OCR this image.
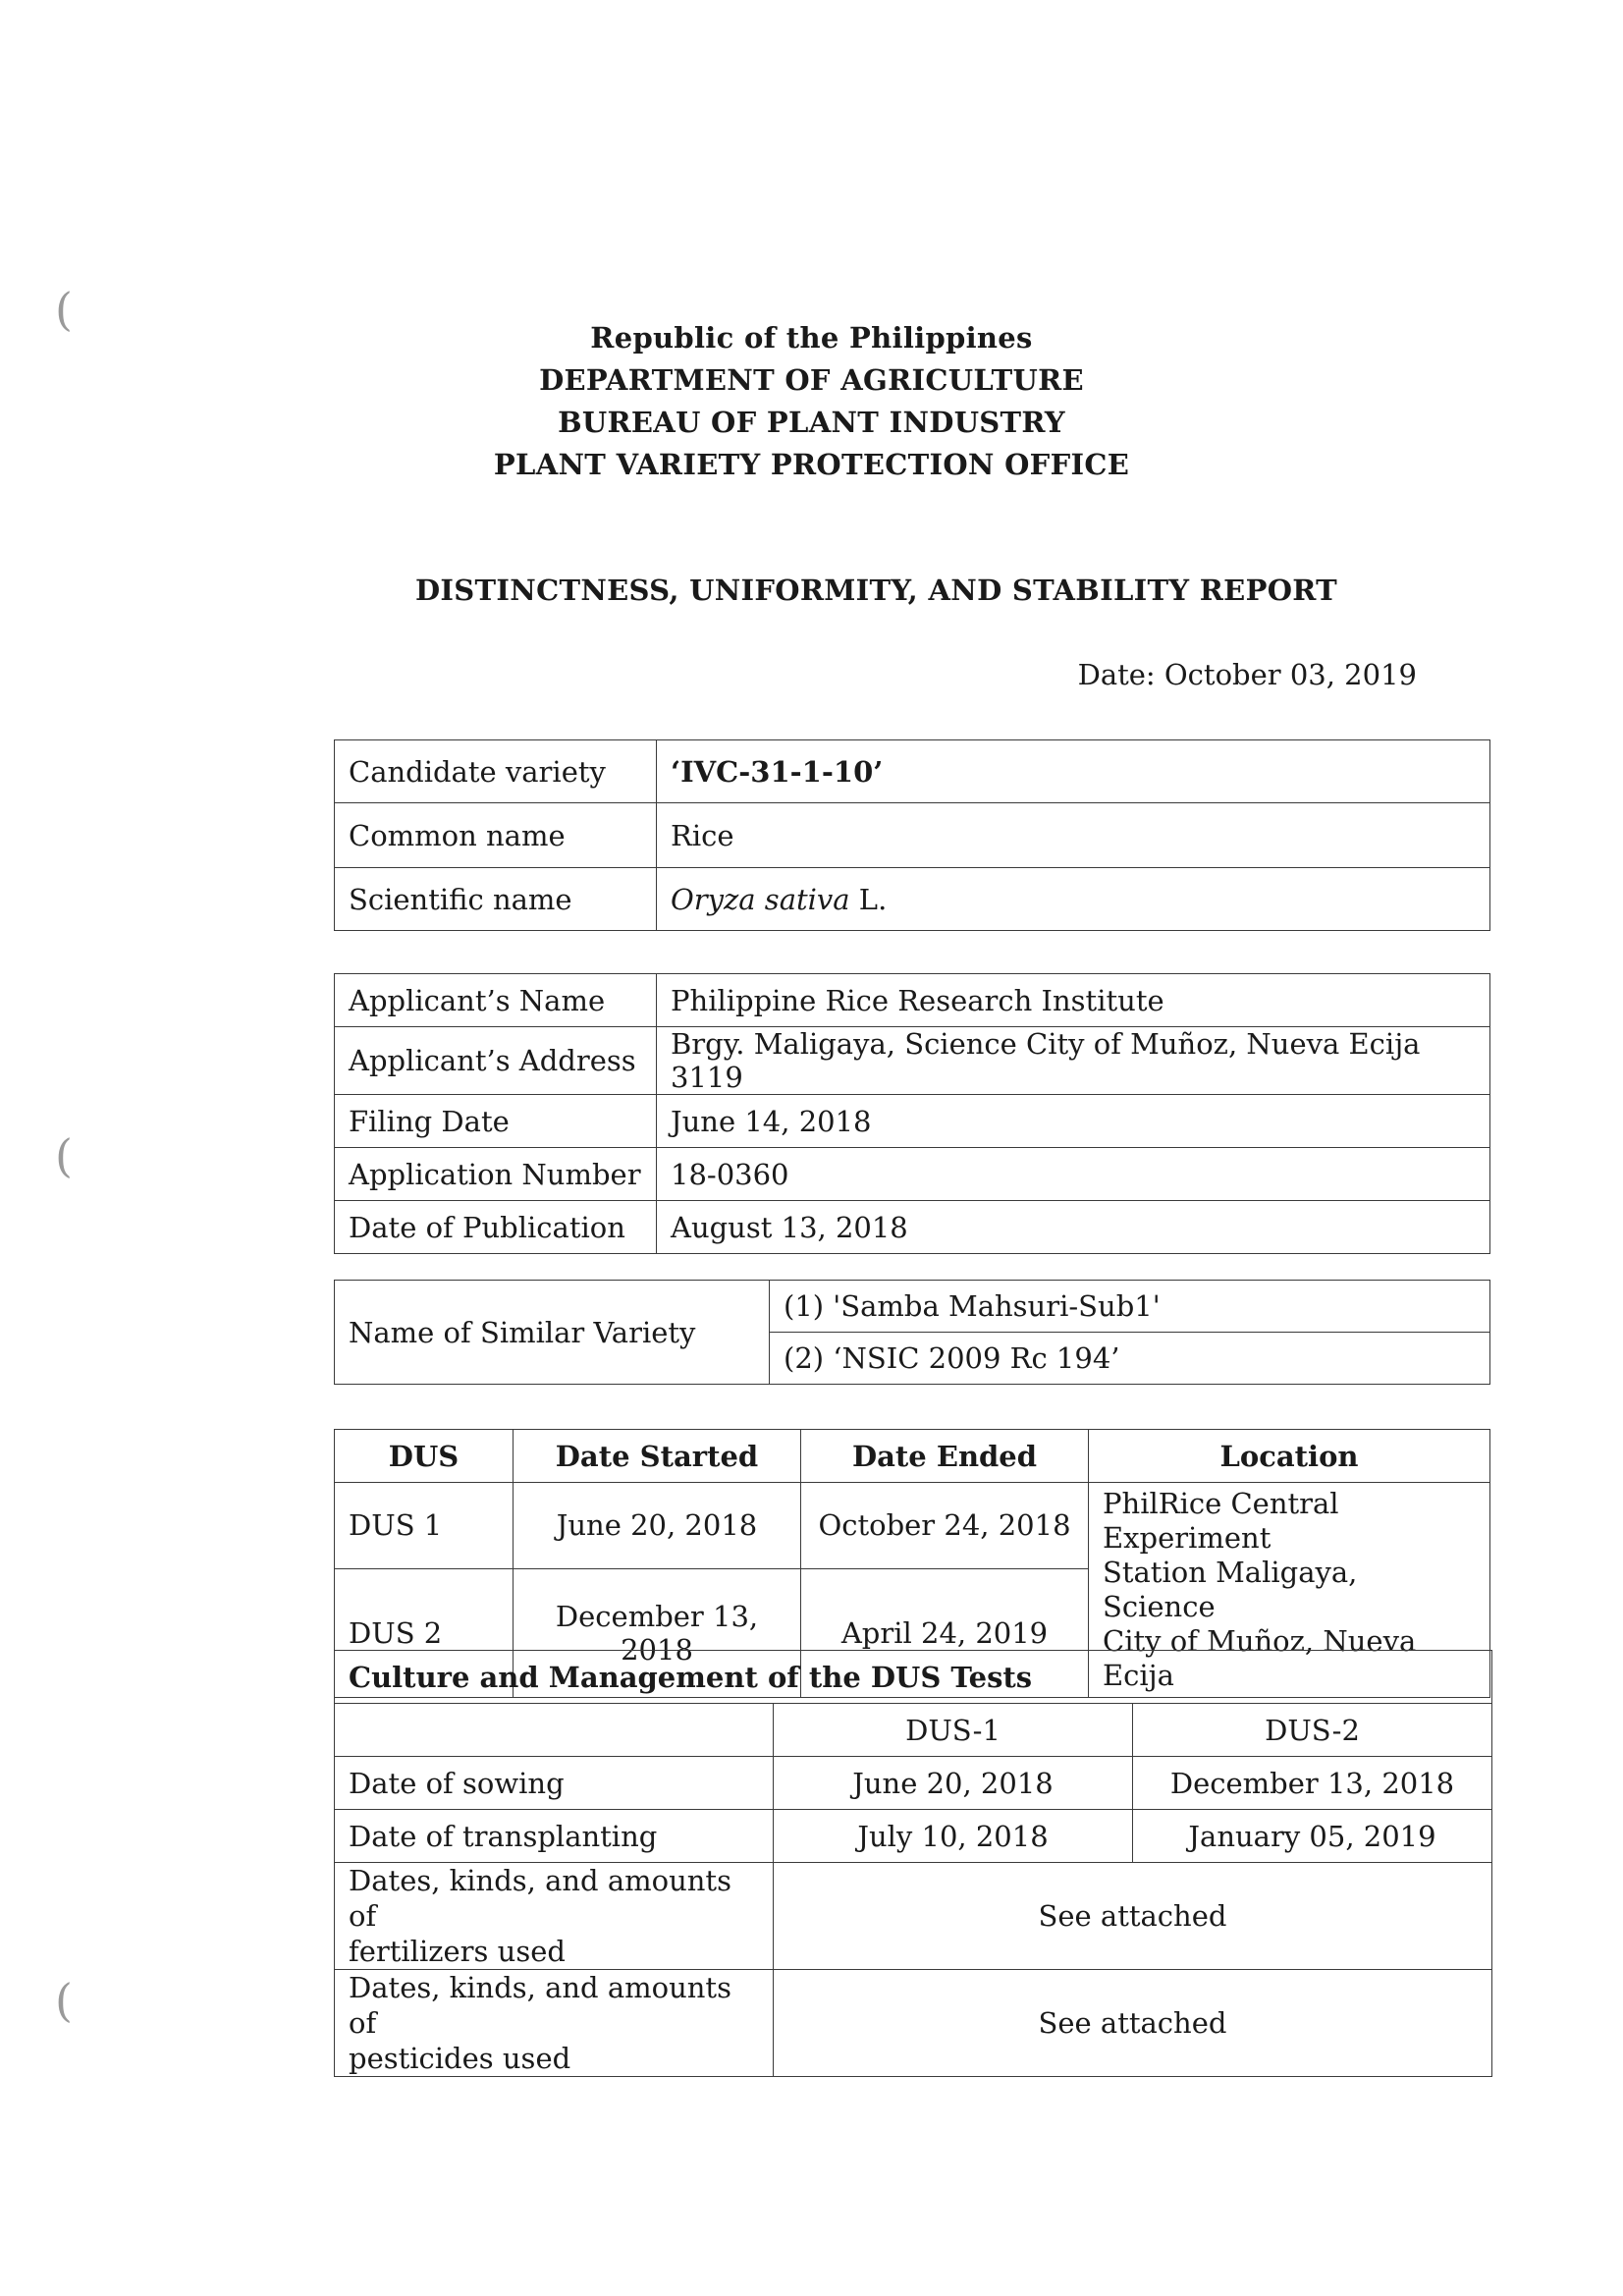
(
(
(
Republic of the Philippines
DEPARTMENT OF AGRICULTURE
BUREAU OF PLANT INDUSTRY
PLANT VARIETY PROTECTION OFFICE
DISTINCTNESS, UNIFORMITY, AND STABILITY REPORT
Date: October 03, 2019
Candidate variety	‘IVC-31-1-10’
Common name	Rice
Scientific name	Oryza sativa L.
Applicant’s Name	Philippine Rice Research Institute
Applicant’s Address	Brgy. Maligaya, Science City of Muñoz, Nueva Ecija 3119
Filing Date	June 14, 2018
Application Number	18-0360
Date of Publication	August 13, 2018
Name of Similar Variety	(1) 'Samba Mahsuri-Sub1'
(2) ‘NSIC 2009 Rc 194’
DUS	Date Started	Date Ended	Location
DUS 1	June 20, 2018	October 24, 2018	PhilRice Central Experiment
Station Maligaya, Science
City of Muñoz, Nueva Ecija

DUS 2	December 13, 2018	April 24, 2019	
Culture and Management of the DUS Tests		
	DUS-1	DUS-2
Date of sowing	June 20, 2018	December 13, 2018
Date of transplanting	July 10, 2018	January 05, 2019

Dates, kinds, and amounts of
fertilizers used	See attached	

Dates, kinds, and amounts of
pesticides used	See attached	
